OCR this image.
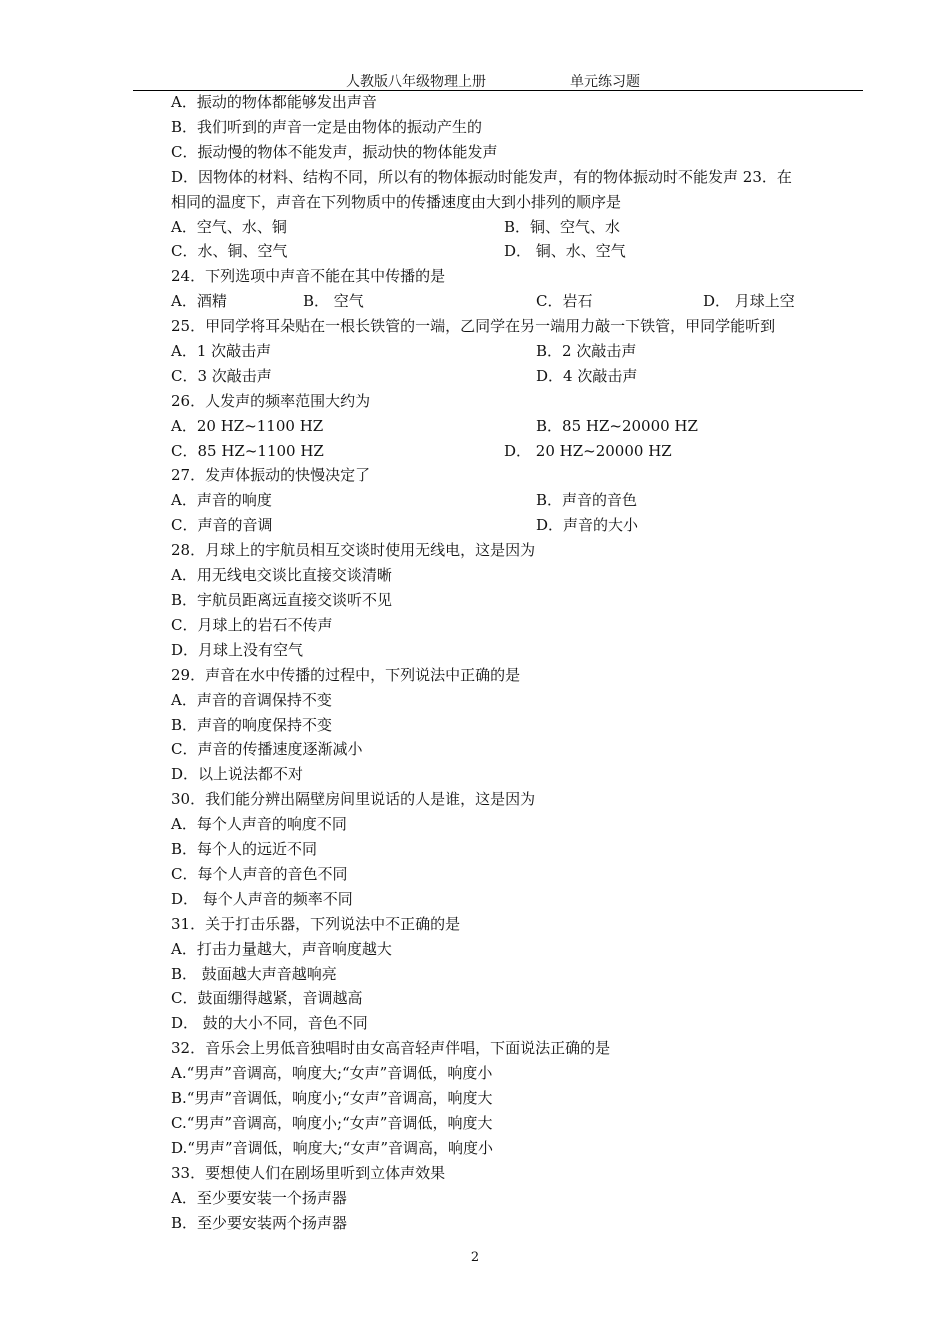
人教版八年级物理上册	单元练习题
A．振动的物体都能够发出声音
B．我们听到的声音一定是由物体的振动产生的
C．振动慢的物体不能发声，振动快的物体能发声
D．因物体的材料、结构不同，所以有的物体振动时能发声，有的物体振动时不能发声 23．在
相同的温度下，声音在下列物质中的传播速度由大到小排列的顺序是
A．空气、水、铜	B．铜、空气、水
C．水、铜、空气	D． 铜、水、空气
24．下列选项中声音不能在其中传播的是
A．酒精	B． 空气	C．岩石	D． 月球上空
25．甲同学将耳朵贴在一根长铁管的一端，乙同学在另一端用力敲一下铁管，甲同学能听到
A．1 次敲击声	B．2 次敲击声
C．3 次敲击声	D．4 次敲击声
26．人发声的频率范围大约为
A．20 HZ~1100 HZ	B．85 HZ~20000 HZ
C．85 HZ~1100 HZ	D． 20 HZ~20000 HZ
27．发声体振动的快慢决定了
A．声音的响度	B．声音的音色
C．声音的音调	D．声音的大小
28．月球上的宇航员相互交谈时使用无线电，这是因为
A．用无线电交谈比直接交谈清晰
B．宇航员距离远直接交谈听不见
C．月球上的岩石不传声
D．月球上没有空气
29．声音在水中传播的过程中，下列说法中正确的是
A．声音的音调保持不变
B．声音的响度保持不变
C．声音的传播速度逐渐减小
D．以上说法都不对
30．我们能分辨出隔壁房间里说话的人是谁，这是因为
A．每个人声音的响度不同
B．每个人的远近不同
C．每个人声音的音色不同
D． 每个人声音的频率不同
31．关于打击乐器，下列说法中不正确的是
A．打击力量越大，声音响度越大
B． 鼓面越大声音越响亮
C．鼓面绷得越紧，音调越高
D． 鼓的大小不同，音色不同
32．音乐会上男低音独唱时由女高音轻声伴唱，下面说法正确的是
A.“男声”音调高，响度大;“女声”音调低，响度小
B.“男声”音调低，响度小;“女声”音调高，响度大
C.“男声”音调高，响度小;“女声”音调低，响度大
D.“男声”音调低，响度大;“女声”音调高，响度小
33．要想使人们在剧场里听到立体声效果
A．至少要安装一个扬声器
B．至少要安装两个扬声器
2
